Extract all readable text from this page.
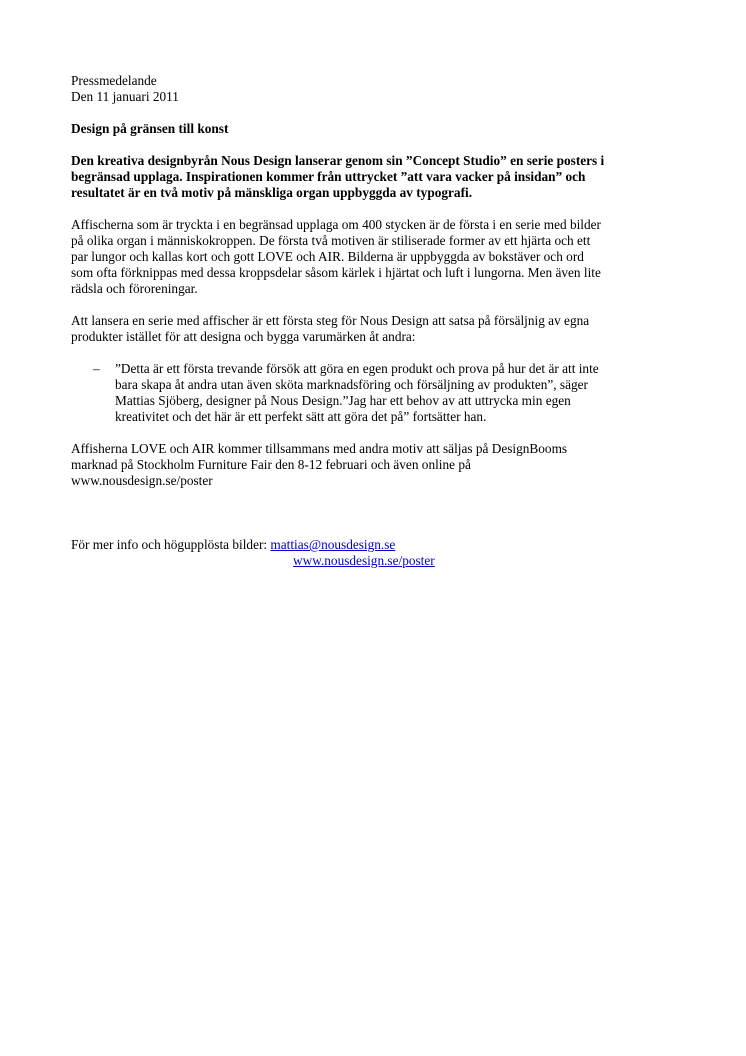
Pressmedelande
Den 11 januari 2011
Design på gränsen till konst
Den kreativa designbyrån Nous Design lanserar genom sin ”Concept Studio” en serie posters i
begränsad upplaga. Inspirationen kommer från uttrycket ”att vara vacker på insidan” och
resultatet är en två motiv på mänskliga organ uppbyggda av typografi.
Affischerna som är tryckta i en begränsad upplaga om 400 stycken är de första i en serie med bilder
på olika organ i människokroppen. De första två motiven är stiliserade former av ett hjärta och ett
par lungor och kallas kort och gott LOVE och AIR. Bilderna är uppbyggda av bokstäver och ord
som ofta förknippas med dessa kroppsdelar såsom kärlek i hjärtat och luft i lungorna. Men även lite
rädsla och föroreningar.
Att lansera en serie med affischer är ett första steg för Nous Design att satsa på försäljnig av egna
produkter istället för att designa och bygga varumärken åt andra:
– ”Detta är ett första trevande försök att göra en egen produkt och prova på hur det är att inte
bara skapa åt andra utan även sköta marknadsföring och försäljning av produkten”, säger
Mattias Sjöberg, designer på Nous Design.”Jag har ett behov av att uttrycka min egen
kreativitet och det här är ett perfekt sätt att göra det på” fortsätter han.
Affisherna LOVE och AIR kommer tillsammans med andra motiv att säljas på DesignBooms
marknad på Stockholm Furniture Fair den 8-12 februari och även online på
www.nousdesign.se/poster
För mer info och högupplösta bilder: mattias@nousdesign.se
www.nousdesign.se/poster
